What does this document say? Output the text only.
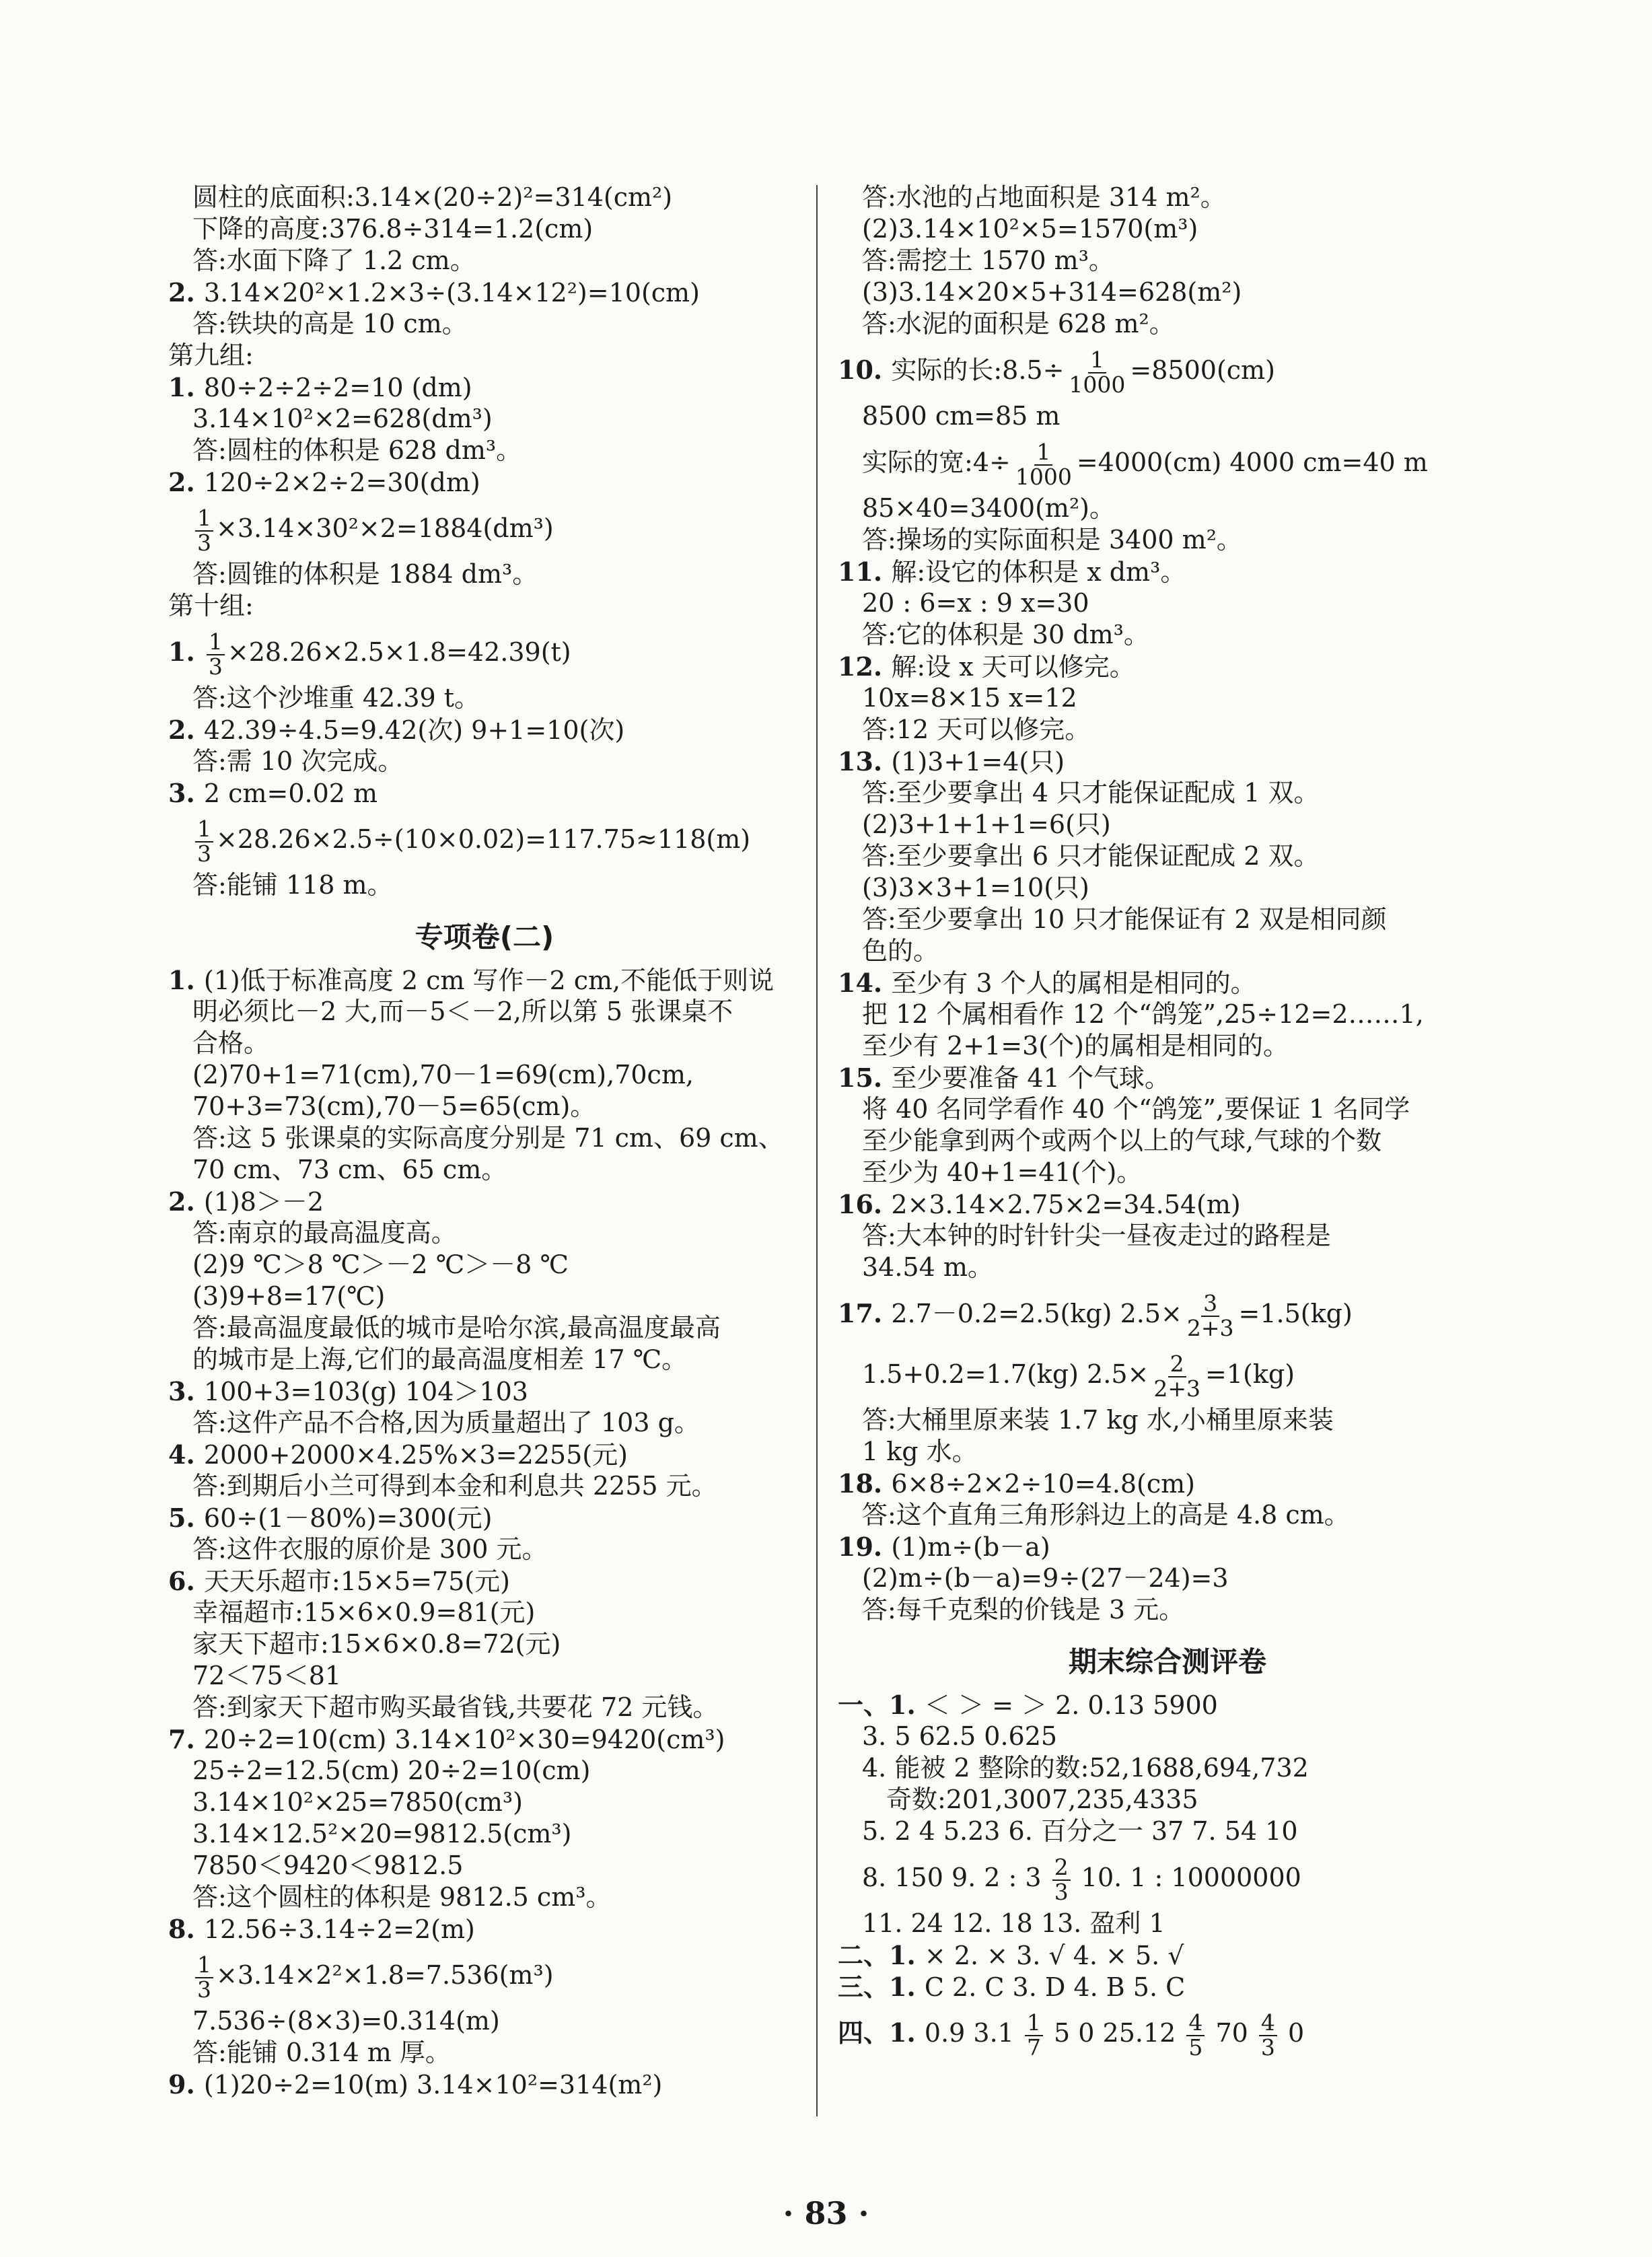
圆柱的底面积:3.14×(20÷2)²=314(cm²)
下降的高度:376.8÷314=1.2(cm)
答:水面下降了 1.2 cm。
2. 3.14×20²×1.2×3÷(3.14×12²)=10(cm)
答:铁块的高是 10 cm。
第九组:
1. 80÷2÷2÷2=10 (dm)
3.14×10²×2=628(dm³)
答:圆柱的体积是 628 dm³。
2. 120÷2×2÷2=30(dm)
$\frac{1}{3} \times 3.14\times 30^2\times 2=1884(dm^3)$
答:圆锥的体积是 1884 dm³。
第十组:
1. $\frac{1}{3} \times 28.26\times 2.5\times 1.8=42.39(t)$
答:这个沙堆重 42.39 t。
2. 42.39÷4.5=9.42(次) 9+1=10(次)
答:需 10 次完成。
3. 2 cm=0.02 m
$\frac{1}{3} \times 28.26\times 2.5\div(10\times 0.02)=117.75\approx 118(m)$
答:能铺 118 m。
专项卷(二)
1. (1)低于标准高度 2 cm 写作－2 cm,不能低于则说
明必须比－2 大,而－5＜－2,所以第 5 张课桌不
合格。
(2)70+1=71(cm),70－1=69(cm),70cm,
70+3=73(cm),70－5=65(cm)。
答:这 5 张课桌的实际高度分别是 71 cm、69 cm、
70 cm、73 cm、65 cm。
2. (1)8＞－2
答:南京的最高温度高。
(2)9 ℃＞8 ℃＞－2 ℃＞－8 ℃
(3)9+8=17(℃)
答:最高温度最低的城市是哈尔滨,最高温度最高
的城市是上海,它们的最高温度相差 17 ℃。
3. 100+3=103(g) 104＞103
答:这件产品不合格,因为质量超出了 103 g。
4. 2000+2000×4.25%×3=2255(元)
答:到期后小兰可得到本金和利息共 2255 元。
5. 60÷(1－80%)=300(元)
答:这件衣服的原价是 300 元。
6. 天天乐超市:15×5=75(元)
幸福超市:15×6×0.9=81(元)
家天下超市:15×6×0.8=72(元)
72＜75＜81
答:到家天下超市购买最省钱,共要花 72 元钱。
7. 20÷2=10(cm) 3.14×10²×30=9420(cm³)
25÷2=12.5(cm) 20÷2=10(cm)
3.14×10²×25=7850(cm³)
3.14×12.5²×20=9812.5(cm³)
7850＜9420＜9812.5
答:这个圆柱的体积是 9812.5 cm³。
8. 12.56÷3.14÷2=2(m)
$\frac{1}{3} \times 3.14\times 2^2\times 1.8=7.536(m^3)$
7.536÷(8×3)=0.314(m)
答:能铺 0.314 m 厚。
9. (1)20÷2=10(m) 3.14×10²=314(m²)
答:水池的占地面积是 314 m²。
(2)3.14×10²×5=1570(m³)
答:需挖土 1570 m³。
(3)3.14×20×5+314=628(m²)
答:水泥的面积是 628 m²。
10. 实际的长:8.5÷ $\frac{1}{1000} =8500(cm)$
8500 cm=85 m
实际的宽:4÷ $\frac{1}{1000} =4000(cm)$ 4000 cm=40 m
85×40=3400(m²)。
答:操场的实际面积是 3400 m²。
11. 解:设它的体积是 x dm³。
20 : 6=x : 9 x=30
答:它的体积是 30 dm³。
12. 解:设 x 天可以修完。
10x=8×15 x=12
答:12 天可以修完。
13. (1)3+1=4(只)
答:至少要拿出 4 只才能保证配成 1 双。
(2)3+1+1+1=6(只)
答:至少要拿出 6 只才能保证配成 2 双。
(3)3×3+1=10(只)
答:至少要拿出 10 只才能保证有 2 双是相同颜
色的。
14. 至少有 3 个人的属相是相同的。
把 12 个属相看作 12 个“鸽笼”,25÷12=2……1,
至少有 2+1=3(个)的属相是相同的。
15. 至少要准备 41 个气球。
将 40 名同学看作 40 个“鸽笼”,要保证 1 名同学
至少能拿到两个或两个以上的气球,气球的个数
至少为 40+1=41(个)。
16. 2×3.14×2.75×2=34.54(m)
答:大本钟的时针针尖一昼夜走过的路程是
34.54 m。
17. 2.7－0.2=2.5(kg) $2.5\times \frac{3}{2+3} =1.5(kg)$
1.5+0.2=1.7(kg) $2.5\times \frac{2}{2+3} =1(kg)$
答:大桶里原来装 1.7 kg 水,小桶里原来装
1 kg 水。
18. 6×8÷2×2÷10=4.8(cm)
答:这个直角三角形斜边上的高是 4.8 cm。
19. (1)m÷(b－a)
(2)m÷(b－a)=9÷(27－24)=3
答:每千克梨的价钱是 3 元。
期末综合测评卷
一、1. ＜ ＞ = ＞ 2. 0.13 5900
3. 5 62.5 0.625
4. 能被 2 整除的数:52,1688,694,732
奇数:201,3007,235,4335
5. 2 4 5.23 6. 百分之一 37 7. 54 10
8. 150 9. 2 : $3 \frac{2}{3} 10$. 1 : 10000000
11. 24 12. 18 13. 盈利 1
二、1. × 2. × 3. √ 4. × 5. √
三、1. C 2. C 3. D 4. B 5. C
四、1. 0.9 $3.1 \frac{1}{7} 5$ 0 $25.12 \frac{4}{5} 70 \frac{4}{3} 0$
· 83 ·
